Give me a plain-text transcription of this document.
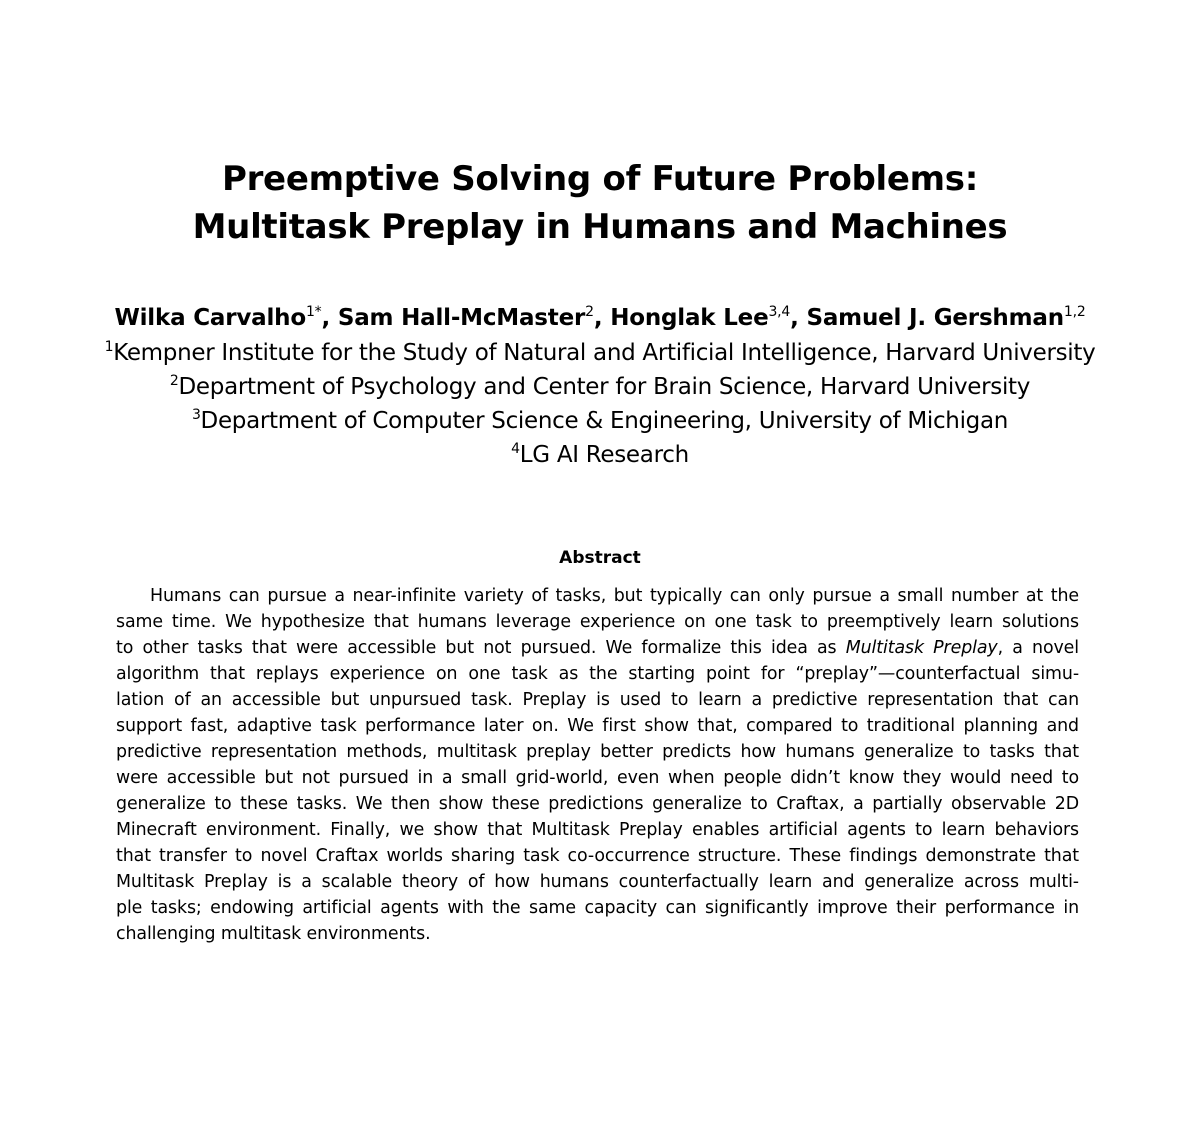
Preemptive Solving of Future Problems:
Multitask Preplay in Humans and Machines
Wilka Carvalho$^{1*}$, Sam Hall-McMaster$^2$, Honglak Lee$^{3,4}$, Samuel J. Gershman$^{1,2}$
$^1$Kempner Institute for the Study of Natural and Artificial Intelligence, Harvard University
$^2$Department of Psychology and Center for Brain Science, Harvard University
$^3$Department of Computer Science & Engineering, University of Michigan
$^4$LG AI Research
Abstract
Humans can pursue a near-infinite variety of tasks, but typically can only pursue a small number at the
same time. We hypothesize that humans leverage experience on one task to preemptively learn solutions
to other tasks that were accessible but not pursued. We formalize this idea as Multitask Preplay, a novel
algorithm that replays experience on one task as the starting point for “preplay”—counterfactual simu-
lation of an accessible but unpursued task. Preplay is used to learn a predictive representation that can
support fast, adaptive task performance later on. We first show that, compared to traditional planning and
predictive representation methods, multitask preplay better predicts how humans generalize to tasks that
were accessible but not pursued in a small grid-world, even when people didn’t know they would need to
generalize to these tasks. We then show these predictions generalize to Craftax, a partially observable 2D
Minecraft environment. Finally, we show that Multitask Preplay enables artificial agents to learn behaviors
that transfer to novel Craftax worlds sharing task co-occurrence structure. These findings demonstrate that
Multitask Preplay is a scalable theory of how humans counterfactually learn and generalize across multi-
ple tasks; endowing artificial agents with the same capacity can significantly improve their performance in
challenging multitask environments.
